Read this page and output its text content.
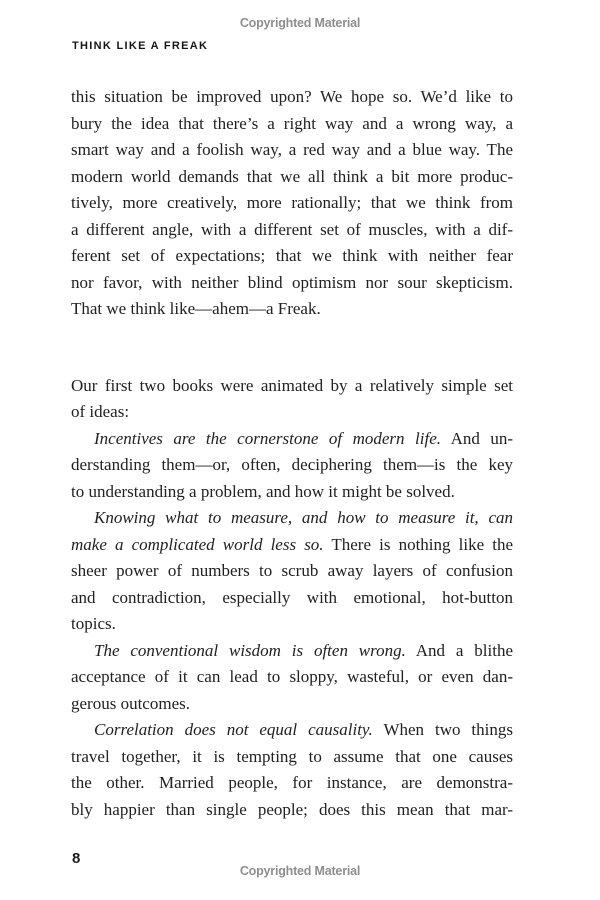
Copyrighted Material
THINK LIKE A FREAK
this situation be improved upon? We hope so. We’d like to
bury the idea that there’s a right way and a wrong way, a
smart way and a foolish way, a red way and a blue way. The
modern world demands that we all think a bit more produc-
tively, more creatively, more rationally; that we think from
a different angle, with a different set of muscles, with a dif-
ferent set of expectations; that we think with neither fear
nor favor, with neither blind optimism nor sour skepticism.
That we think like—ahem—a Freak.
Our first two books were animated by a relatively simple set
of ideas:
Incentives are the cornerstone of modern life. And un-
derstanding them—or, often, deciphering them—is the key
to understanding a problem, and how it might be solved.
Knowing what to measure, and how to measure it, can
make a complicated world less so. There is nothing like the
sheer power of numbers to scrub away layers of confusion
and contradiction, especially with emotional, hot-button
topics.
The conventional wisdom is often wrong. And a blithe
acceptance of it can lead to sloppy, wasteful, or even dan-
gerous outcomes.
Correlation does not equal causality. When two things
travel together, it is tempting to assume that one causes
the other. Married people, for instance, are demonstra-
bly happier than single people; does this mean that mar-
8
Copyrighted Material
